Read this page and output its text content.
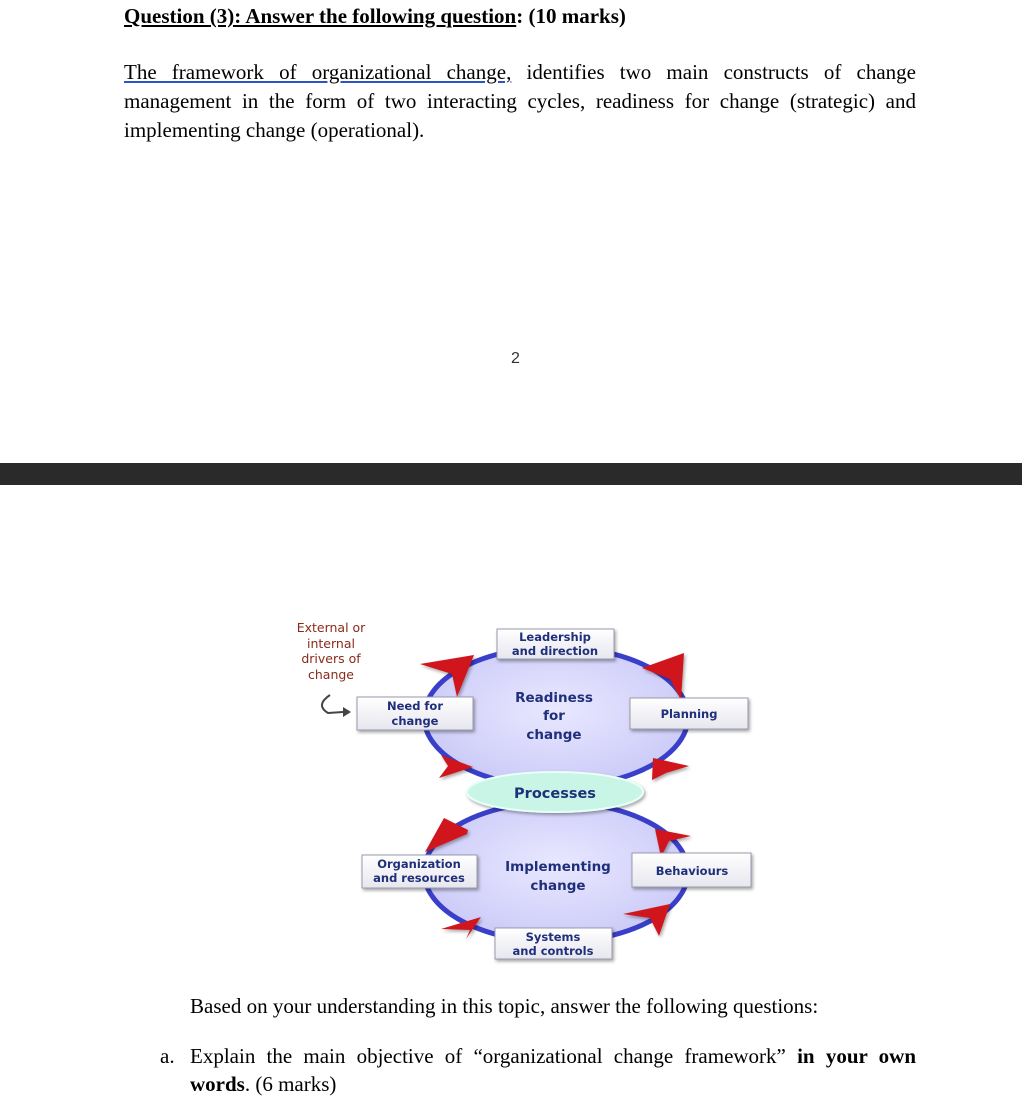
Question (3): Answer the following question: (10 marks)
The framework of organizational change, identifies two main constructs of change management in the form of two interacting cycles, readiness for change (strategic) and implementing change (operational).
2
External or
internal
drivers of
change
Leadership
and direction
Need for
change	Planning
Readiness
for
change
Processes
Organization
and resources
Implementing
change
Behaviours
Systems
and controls
Based on your understanding in this topic, answer the following questions:
a. Explain the main objective of “organizational change framework” in your own words. (6 marks)
